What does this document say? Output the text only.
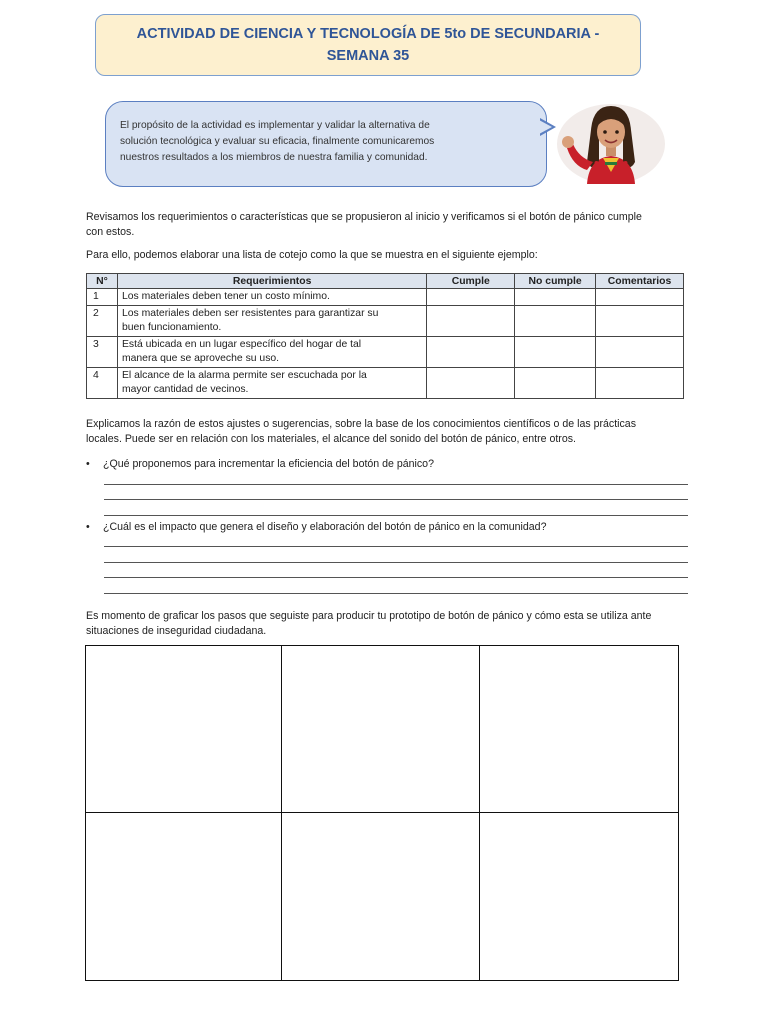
ACTIVIDAD DE CIENCIA Y TECNOLOGÍA DE 5to DE SECUNDARIA -
SEMANA 35
El propósito de la actividad es implementar y validar la alternativa de
solución tecnológica y evaluar su eficacia, finalmente comunicaremos
nuestros resultados a los miembros de nuestra familia y comunidad.
Revisamos los requerimientos o características que se propusieron al inicio y verificamos si el botón de pánico cumple
con estos.
Para ello, podemos elaborar una lista de cotejo como la que se muestra en el siguiente ejemplo:
N°	Requerimientos	Cumple	No cumple	Comentarios
1	Los materiales deben tener un costo mínimo.			

2	Los materiales deben ser resistentes para garantizar su
buen funcionamiento.			

3	Está ubicada en un lugar específico del hogar de tal
manera que se aproveche su uso.			

4	El alcance de la alarma permite ser escuchada por la
mayor cantidad de vecinos.			

Explicamos la razón de estos ajustes o sugerencias, sobre la base de los conocimientos científicos o de las prácticas
locales. Puede ser en relación con los materiales, el alcance del sonido del botón de pánico, entre otros.
• ¿Qué proponemos para incrementar la eficiencia del botón de pánico?
• ¿Cuál es el impacto que genera el diseño y elaboración del botón de pánico en la comunidad?
Es momento de graficar los pasos que seguiste para producir tu prototipo de botón de pánico y cómo esta se utiliza ante
situaciones de inseguridad ciudadana.
